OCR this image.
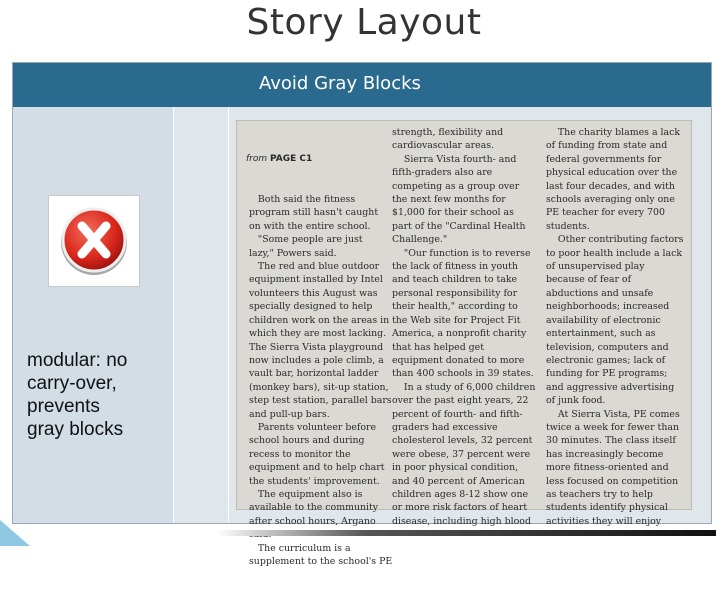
Story Layout
Avoid Gray Blocks
modular: no
carry-over,
prevents
gray blocks

from PAGE C1

Both said the fitness
program still hasn't caught
on with the entire school.
"Some people are just
lazy," Powers said.
The red and blue outdoor
equipment installed by Intel
volunteers this August was
specially designed to help
children work on the areas in
which they are most lacking.
The Sierra Vista playground
now includes a pole climb, a
vault bar, horizontal ladder
(monkey bars), sit-up station,
step test station, parallel bars
and pull-up bars.
Parents volunteer before
school hours and during
recess to monitor the
equipment and to help chart
the students' improvement.
The equipment also is
available to the community
after school hours, Argano

The curriculum is a
supplement to the school's PE

strength, flexibility and
cardiovascular areas.
Sierra Vista fourth- and
fifth-graders also are
competing as a group over
the next few months for
$1,000 for their school as
part of the "Cardinal Health
Challenge."
"Our function is to reverse
the lack of fitness in youth
and teach children to take
personal responsibility for
their health," according to
the Web site for Project Fit
America, a nonprofit charity
that has helped get
equipment donated to more
than 400 schools in 39 states.
In a study of 6,000 children
over the past eight years, 22
percent of fourth- and fifth-
graders had excessive
cholesterol levels, 32 percent
were obese, 37 percent were
in poor physical condition,
and 40 percent of American
children ages 8-12 show one
or more risk factors of heart
disease, including high blood
The charity blames a lack
of funding from state and
federal governments for
physical education over the
last four decades, and with
schools averaging only one
PE teacher for every 700
students.
Other contributing factors
to poor health include a lack
of unsupervised play
because of fear of
abductions and unsafe
neighborhoods; increased
availability of electronic
entertainment, such as
television, computers and
electronic games; lack of
funding for PE programs;
and aggressive advertising
of junk food.
At Sierra Vista, PE comes
twice a week for fewer than
30 minutes. The class itself
has increasingly become
more fitness-oriented and
less focused on competition
as teachers try to help
students identify physical
activities they will enjoy
